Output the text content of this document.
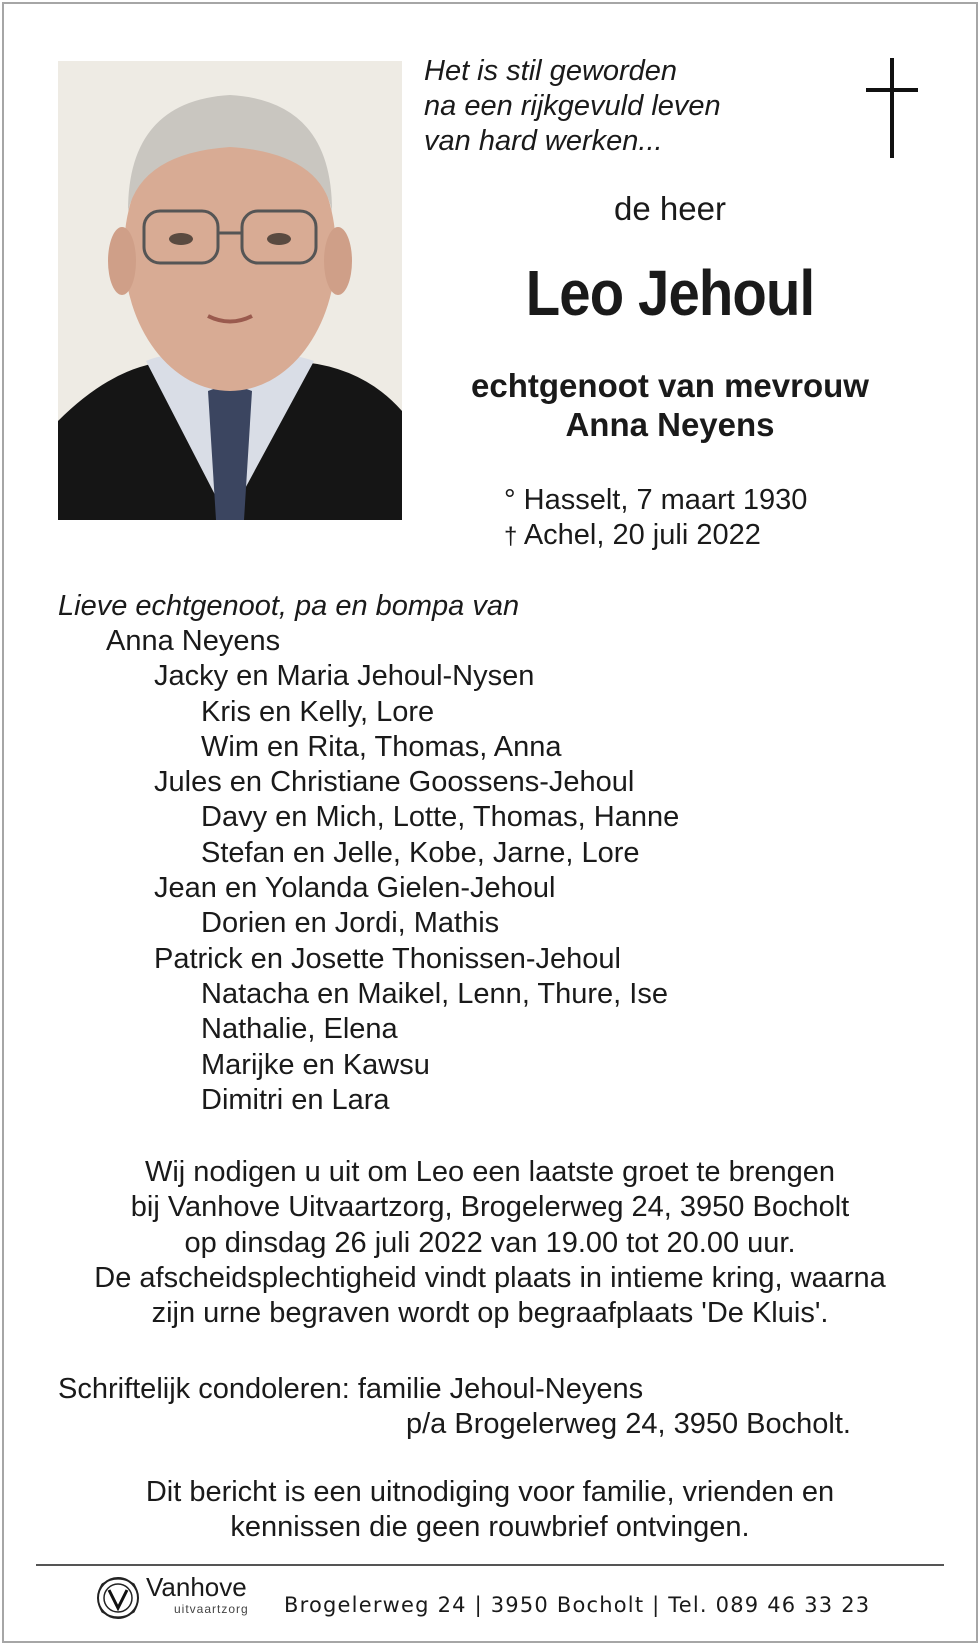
Het is stil geworden
na een rijkgevuld leven
van hard werken...
de heer
Leo Jehoul
echtgenoot van mevrouw
Anna Neyens
° Hasselt, 7 maart 1930
† Achel, 20 juli 2022
Lieve echtgenoot, pa en bompa van
Anna Neyens
Jacky en Maria Jehoul-Nysen
Kris en Kelly, Lore
Wim en Rita, Thomas, Anna
Jules en Christiane Goossens-Jehoul
Davy en Mich, Lotte, Thomas, Hanne
Stefan en Jelle, Kobe, Jarne, Lore
Jean en Yolanda Gielen-Jehoul
Dorien en Jordi, Mathis
Patrick en Josette Thonissen-Jehoul
Natacha en Maikel, Lenn, Thure, Ise
Nathalie, Elena
Marijke en Kawsu
Dimitri en Lara
Wij nodigen u uit om Leo een laatste groet te brengen
bij Vanhove Uitvaartzorg, Brogelerweg 24, 3950 Bocholt
op dinsdag 26 juli 2022 van 19.00 tot 20.00 uur.
De afscheidsplechtigheid vindt plaats in intieme kring, waarna
zijn urne begraven wordt op begraafplaats 'De Kluis'.
Schriftelijk condoleren: familie Jehoul-Neyens
p/a Brogelerweg 24, 3950 Bocholt.
Dit bericht is een uitnodiging voor familie, vrienden en
kennissen die geen rouwbrief ontvingen.
Vanhove
uitvaartzorg Brogelerweg 24 | 3950 Bocholt | Tel. 089 46 33 23
